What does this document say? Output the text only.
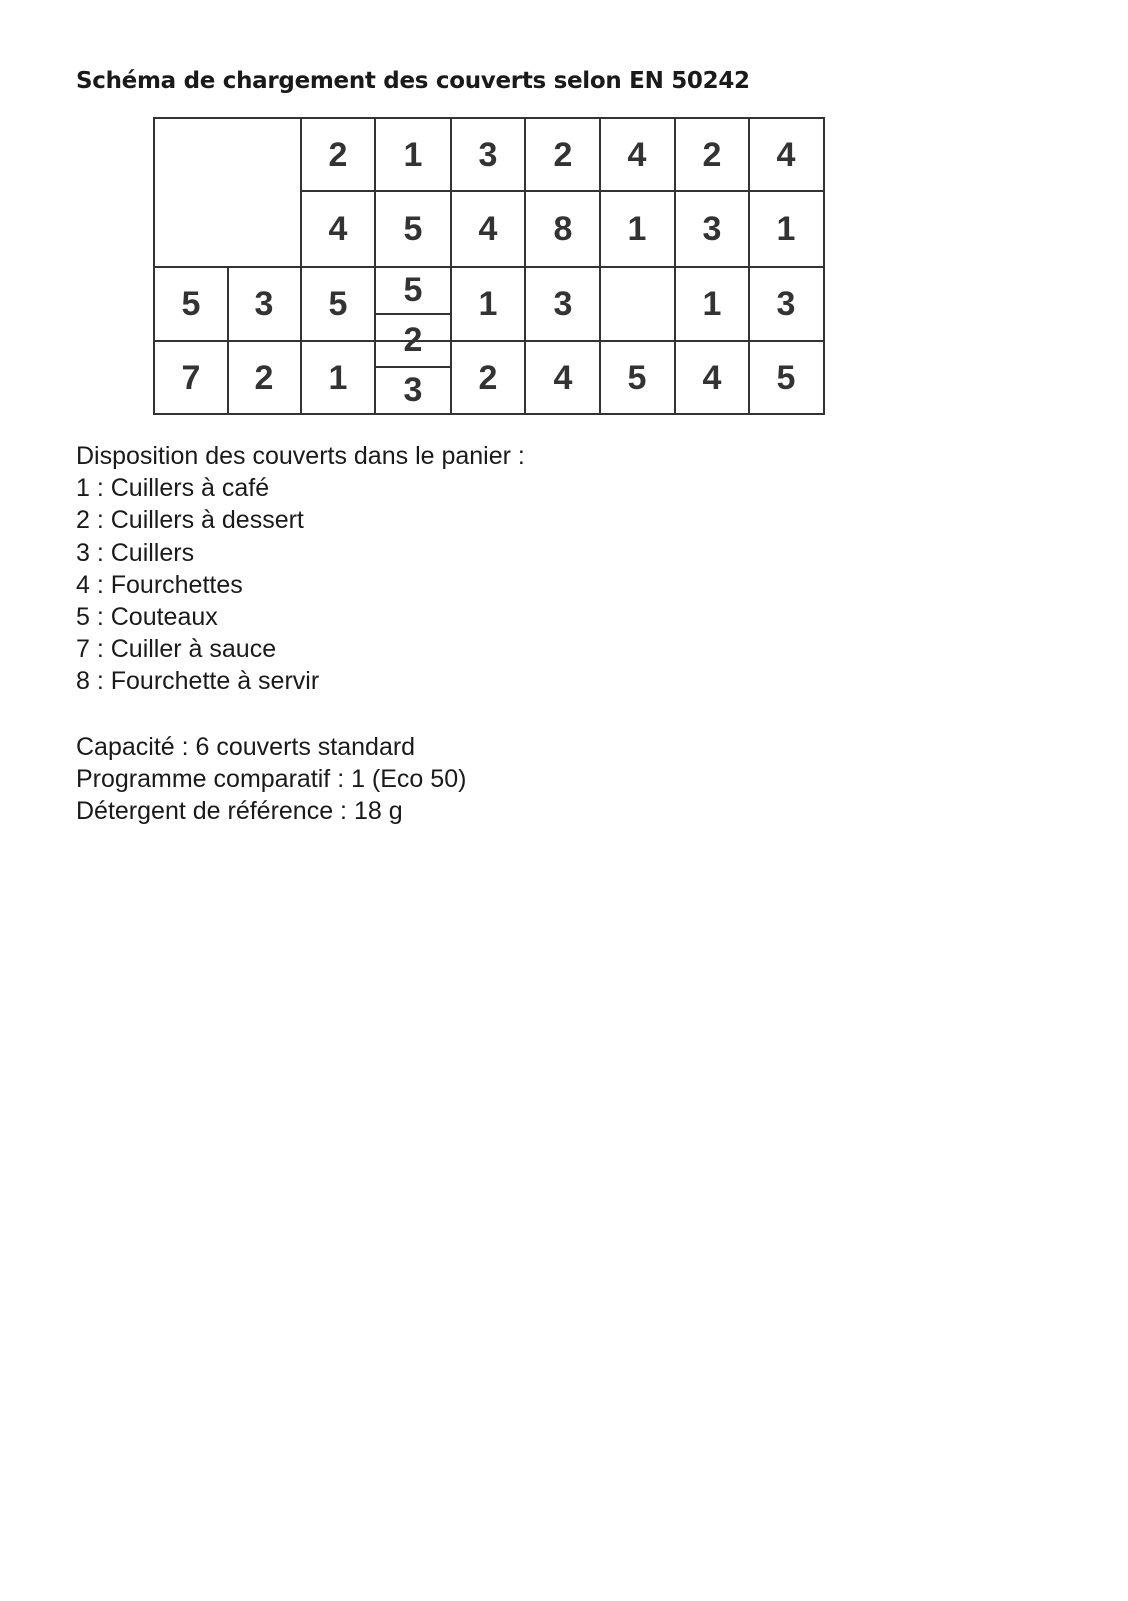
Schéma de chargement des couverts selon EN 50242
2 1 3 2 4 2 4
4 5 4 8 1 3 1
5 3 5 5 1 3	1 3
2
7 2 1 3 2 4 5 4 5
Disposition des couverts dans le panier :
1 : Cuillers à café
2 : Cuillers à dessert
3 : Cuillers
4 : Fourchettes
5 : Couteaux
7 : Cuiller à sauce
8 : Fourchette à servir
Capacité : 6 couverts standard
Programme comparatif : 1 (Eco 50)
Détergent de référence : 18 g
